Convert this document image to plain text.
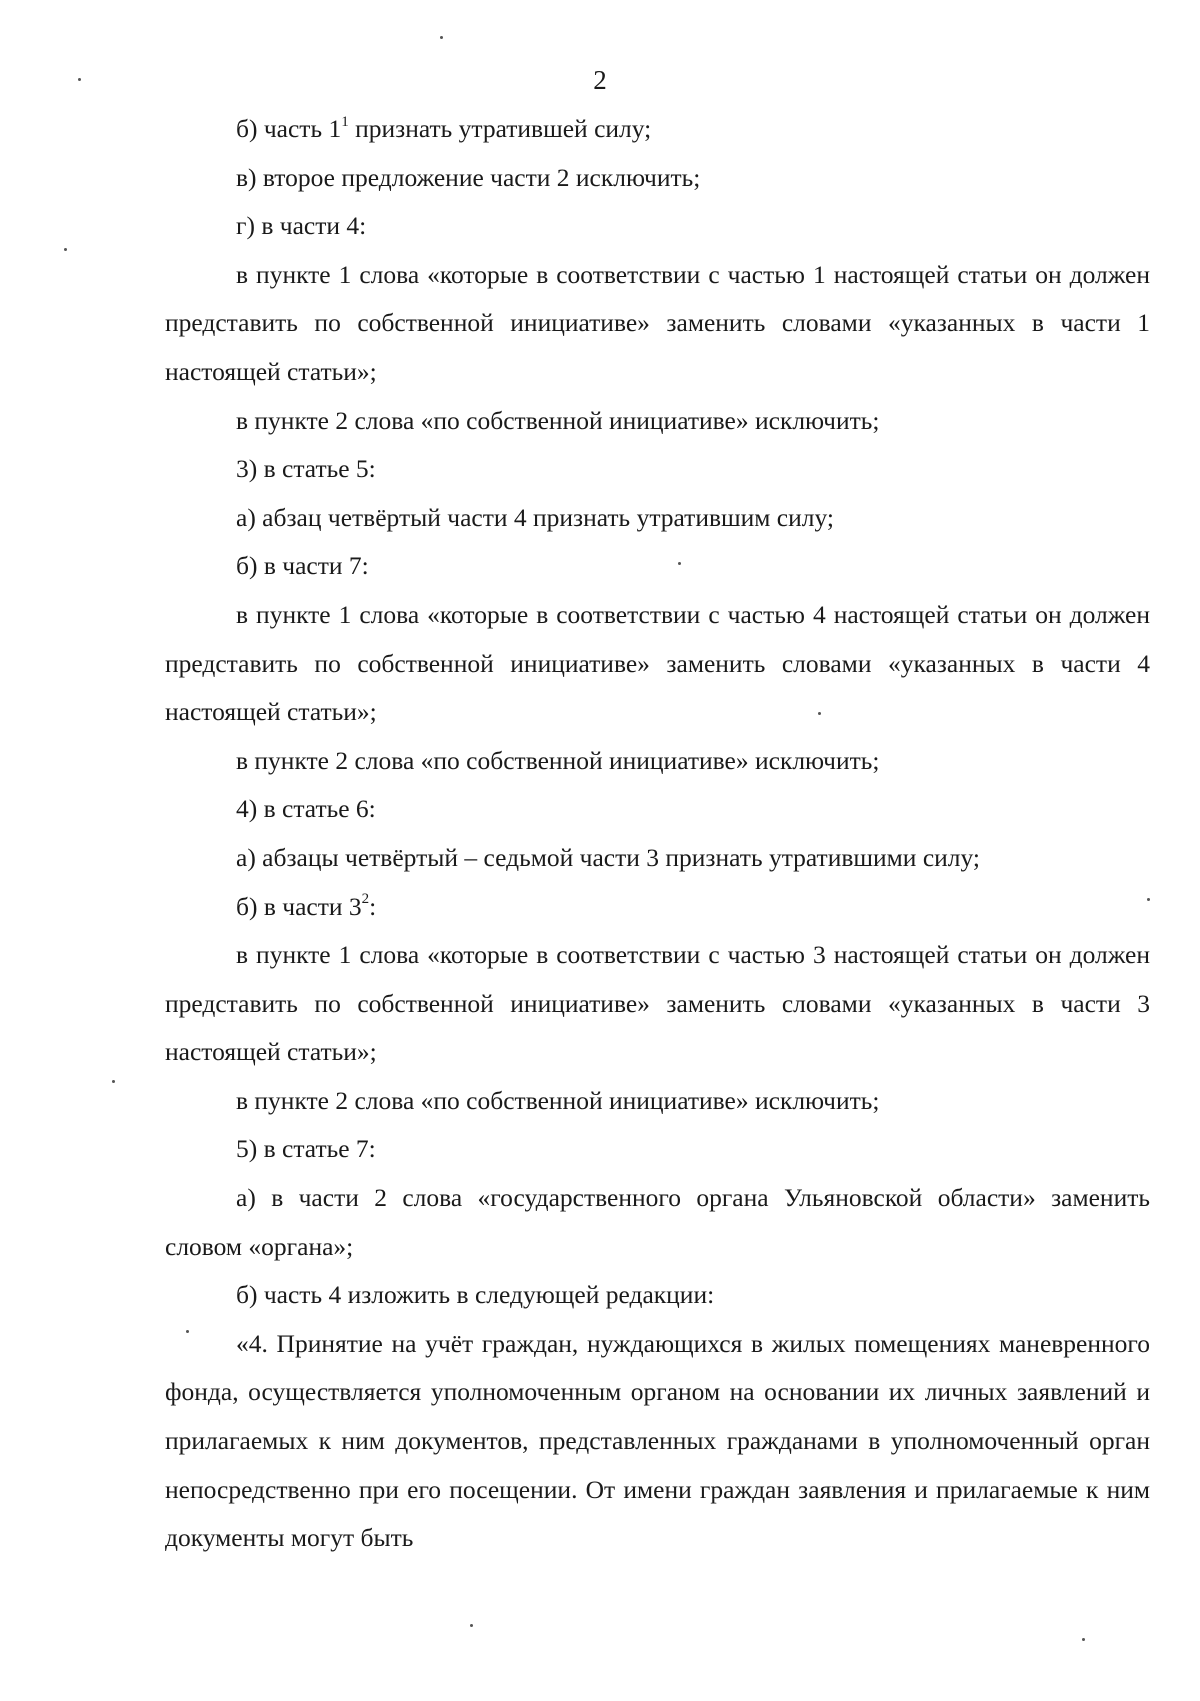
2

б) часть $1^1$ признать утратившей силу;

в) второе предложение части 2 исключить;

г) в части 4:

в пункте 1 слова «которые в соответствии с частью 1 настоящей статьи он должен представить по собственной инициативе» заменить словами «указанных в части 1 настоящей статьи»;

в пункте 2 слова «по собственной инициативе» исключить;

3) в статье 5:

а) абзац четвёртый части 4 признать утратившим силу;

б) в части 7:

в пункте 1 слова «которые в соответствии с частью 4 настоящей статьи он должен представить по собственной инициативе» заменить словами «указанных в части 4 настоящей статьи»;

в пункте 2 слова «по собственной инициативе» исключить;

4) в статье 6:

а) абзацы четвёртый – седьмой части 3 признать утратившими силу;

б) в части $3^2$:

в пункте 1 слова «которые в соответствии с частью 3 настоящей статьи он должен представить по собственной инициативе» заменить словами «указанных в части 3 настоящей статьи»;

в пункте 2 слова «по собственной инициативе» исключить;

5) в статье 7:

а) в части 2 слова «государственного органа Ульяновской области» заменить словом «органа»;

б) часть 4 изложить в следующей редакции:

«4. Принятие на учёт граждан, нуждающихся в жилых помещениях маневренного фонда, осуществляется уполномоченным органом на основании их личных заявлений и прилагаемых к ним документов, представленных гражданами в уполномоченный орган непосредственно при его посещении. От имени граждан заявления и прилагаемые к ним документы могут быть
